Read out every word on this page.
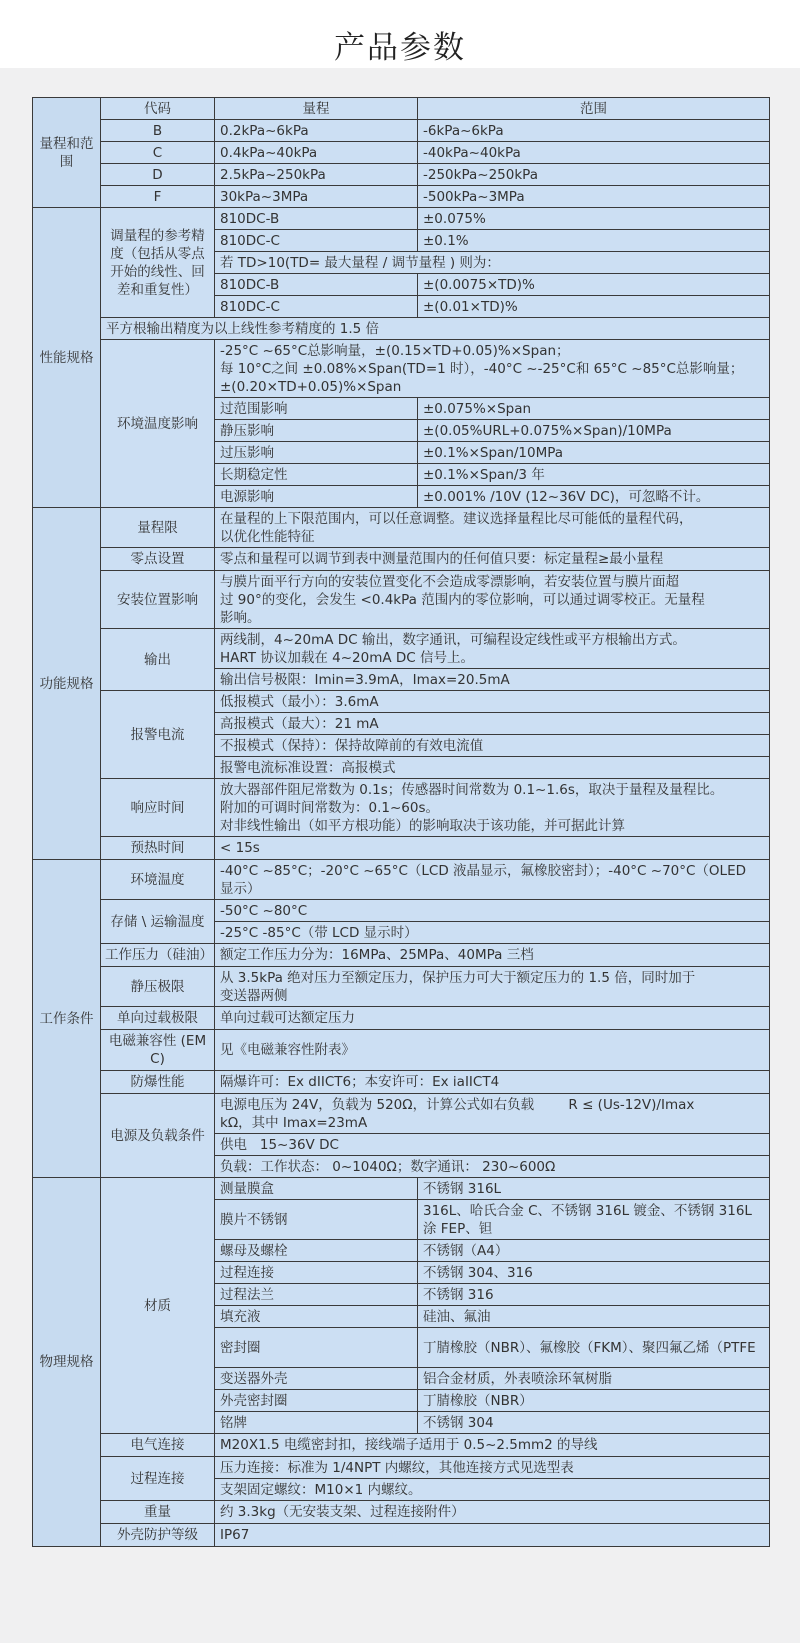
产品参数
量程和范围	代码	量程	范围
	B	0.2kPa~6kPa	-6kPa~6kPa
	C	0.4kPa~40kPa	-40kPa~40kPa
	D	2.5kPa~250kPa	-250kPa~250kPa
	F	30kPa~3MPa	-500kPa~3MPa
性能规格	调量程的参考精度（包括从零点开始的线性、回差和重复性）	810DC-B	±0.075%
		810DC-C	±0.1%
		若 TD>10(TD= 最大量程 / 调节量程 ) 则为：	
		810DC-B	±(0.0075×TD)%
		810DC-C	±(0.01×TD)%
	平方根输出精度为以上线性参考精度的 1.5 倍		
	环境温度影响	-25°C ~65°C总影响量，±(0.15×TD+0.05)%×Span；
每 10°C之间 ±0.08%×Span(TD=1 时），-40°C ~-25°C和 65°C ~85°C总影响量；
±(0.20×TD+0.05)%×Span	

		过范围影响	±0.075%×Span
		静压影响	±(0.05%URL+0.075%×Span)/10MPa
		过压影响	±0.1%×Span/10MPa
		长期稳定性	±0.1%×Span/3 年
		电源影响	±0.001% /10V (12~36V DC)，可忽略不计。

功能规格	量程限	在量程的上下限范围内，可以任意调整。建议选择量程比尽可能低的量程代码，
以优化性能特征	

	零点设置	零点和量程可以调节到表中测量范围内的任何值只要：标定量程≥最小量程	
	安装位置影响	与膜片面平行方向的安装位置变化不会造成零漂影响，若安装位置与膜片面超
过 90°的变化，会发生 <0.4kPa 范围内的零位影响，可以通过调零校正。无量程
影响。	

	输出	两线制，4~20mA DC 输出，数字通讯，可编程设定线性或平方根输出方式。
HART 协议加载在 4~20mA DC 信号上。	

		输出信号极限：Imin=3.9mA，Imax=20.5mA	
	报警电流	低报模式（最小）：3.6mA	
		高报模式（最大）：21 mA	
		不报模式（保持）：保持故障前的有效电流值	
		报警电流标准设置：高报模式	
	响应时间	放大器部件阻尼常数为 0.1s；传感器时间常数为 0.1~1.6s，取决于量程及量程比。
附加的可调时间常数为：0.1~60s。
对非线性输出（如平方根功能）的影响取决于该功能，并可据此计算	

	预热时间	< 15s	

工作条件	环境温度	-40°C ~85°C；-20°C ~65°C（LCD 液晶显示，氟橡胶密封）；-40°C ~70°C（OLED
显示）	

	存储 \ 运输温度	-50°C ~80°C	
		-25°C -85°C（带 LCD 显示时）	
	工作压力（硅油）	额定工作压力分为：16MPa、25MPa、40MPa 三档	
	静压极限	从 3.5kPa 绝对压力至额定压力，保护压力可大于额定压力的 1.5 倍，同时加于
变送器两侧	

	单向过载极限	单向过载可达额定压力	
	电磁兼容性 (EMC)	见《电磁兼容性附表》	
	防爆性能	隔爆许可：Ex dIICT6；本安许可：Ex iaIICT4	
	电源及负载条件	电源电压为 24V，负载为 520Ω，计算公式如右负载        R ≤ (Us-12V)/Imax
kΩ，其中 Imax=23mA	

		供电   15~36V DC	
		负载：工作状态： 0~1040Ω；数字通讯： 230~600Ω	

物理规格	材质	测量膜盒	不锈钢 316L
		膜片不锈钢	316L、哈氏合金 C、不锈钢 316L 镀金、不锈钢 316L 涂 FEP、钽
		螺母及螺栓	不锈钢（A4）
		过程连接	不锈钢 304、316
		过程法兰	不锈钢 316
		填充液	硅油、氟油
		密封圈	丁腈橡胶（NBR）、氟橡胶（FKM）、聚四氟乙烯（PTFE
		变送器外壳	铝合金材质，外表喷涂环氧树脂
		外壳密封圈	丁腈橡胶（NBR）
		铭牌	不锈钢 304
	电气连接	M20X1.5 电缆密封扣，接线端子适用于 0.5~2.5mm2 的导线	
	过程连接	压力连接：标准为 1/4NPT 内螺纹，其他连接方式见选型表	
		支架固定螺纹：M10×1 内螺纹。	
	重量	约 3.3kg（无安装支架、过程连接附件）	
	外壳防护等级	IP67	
